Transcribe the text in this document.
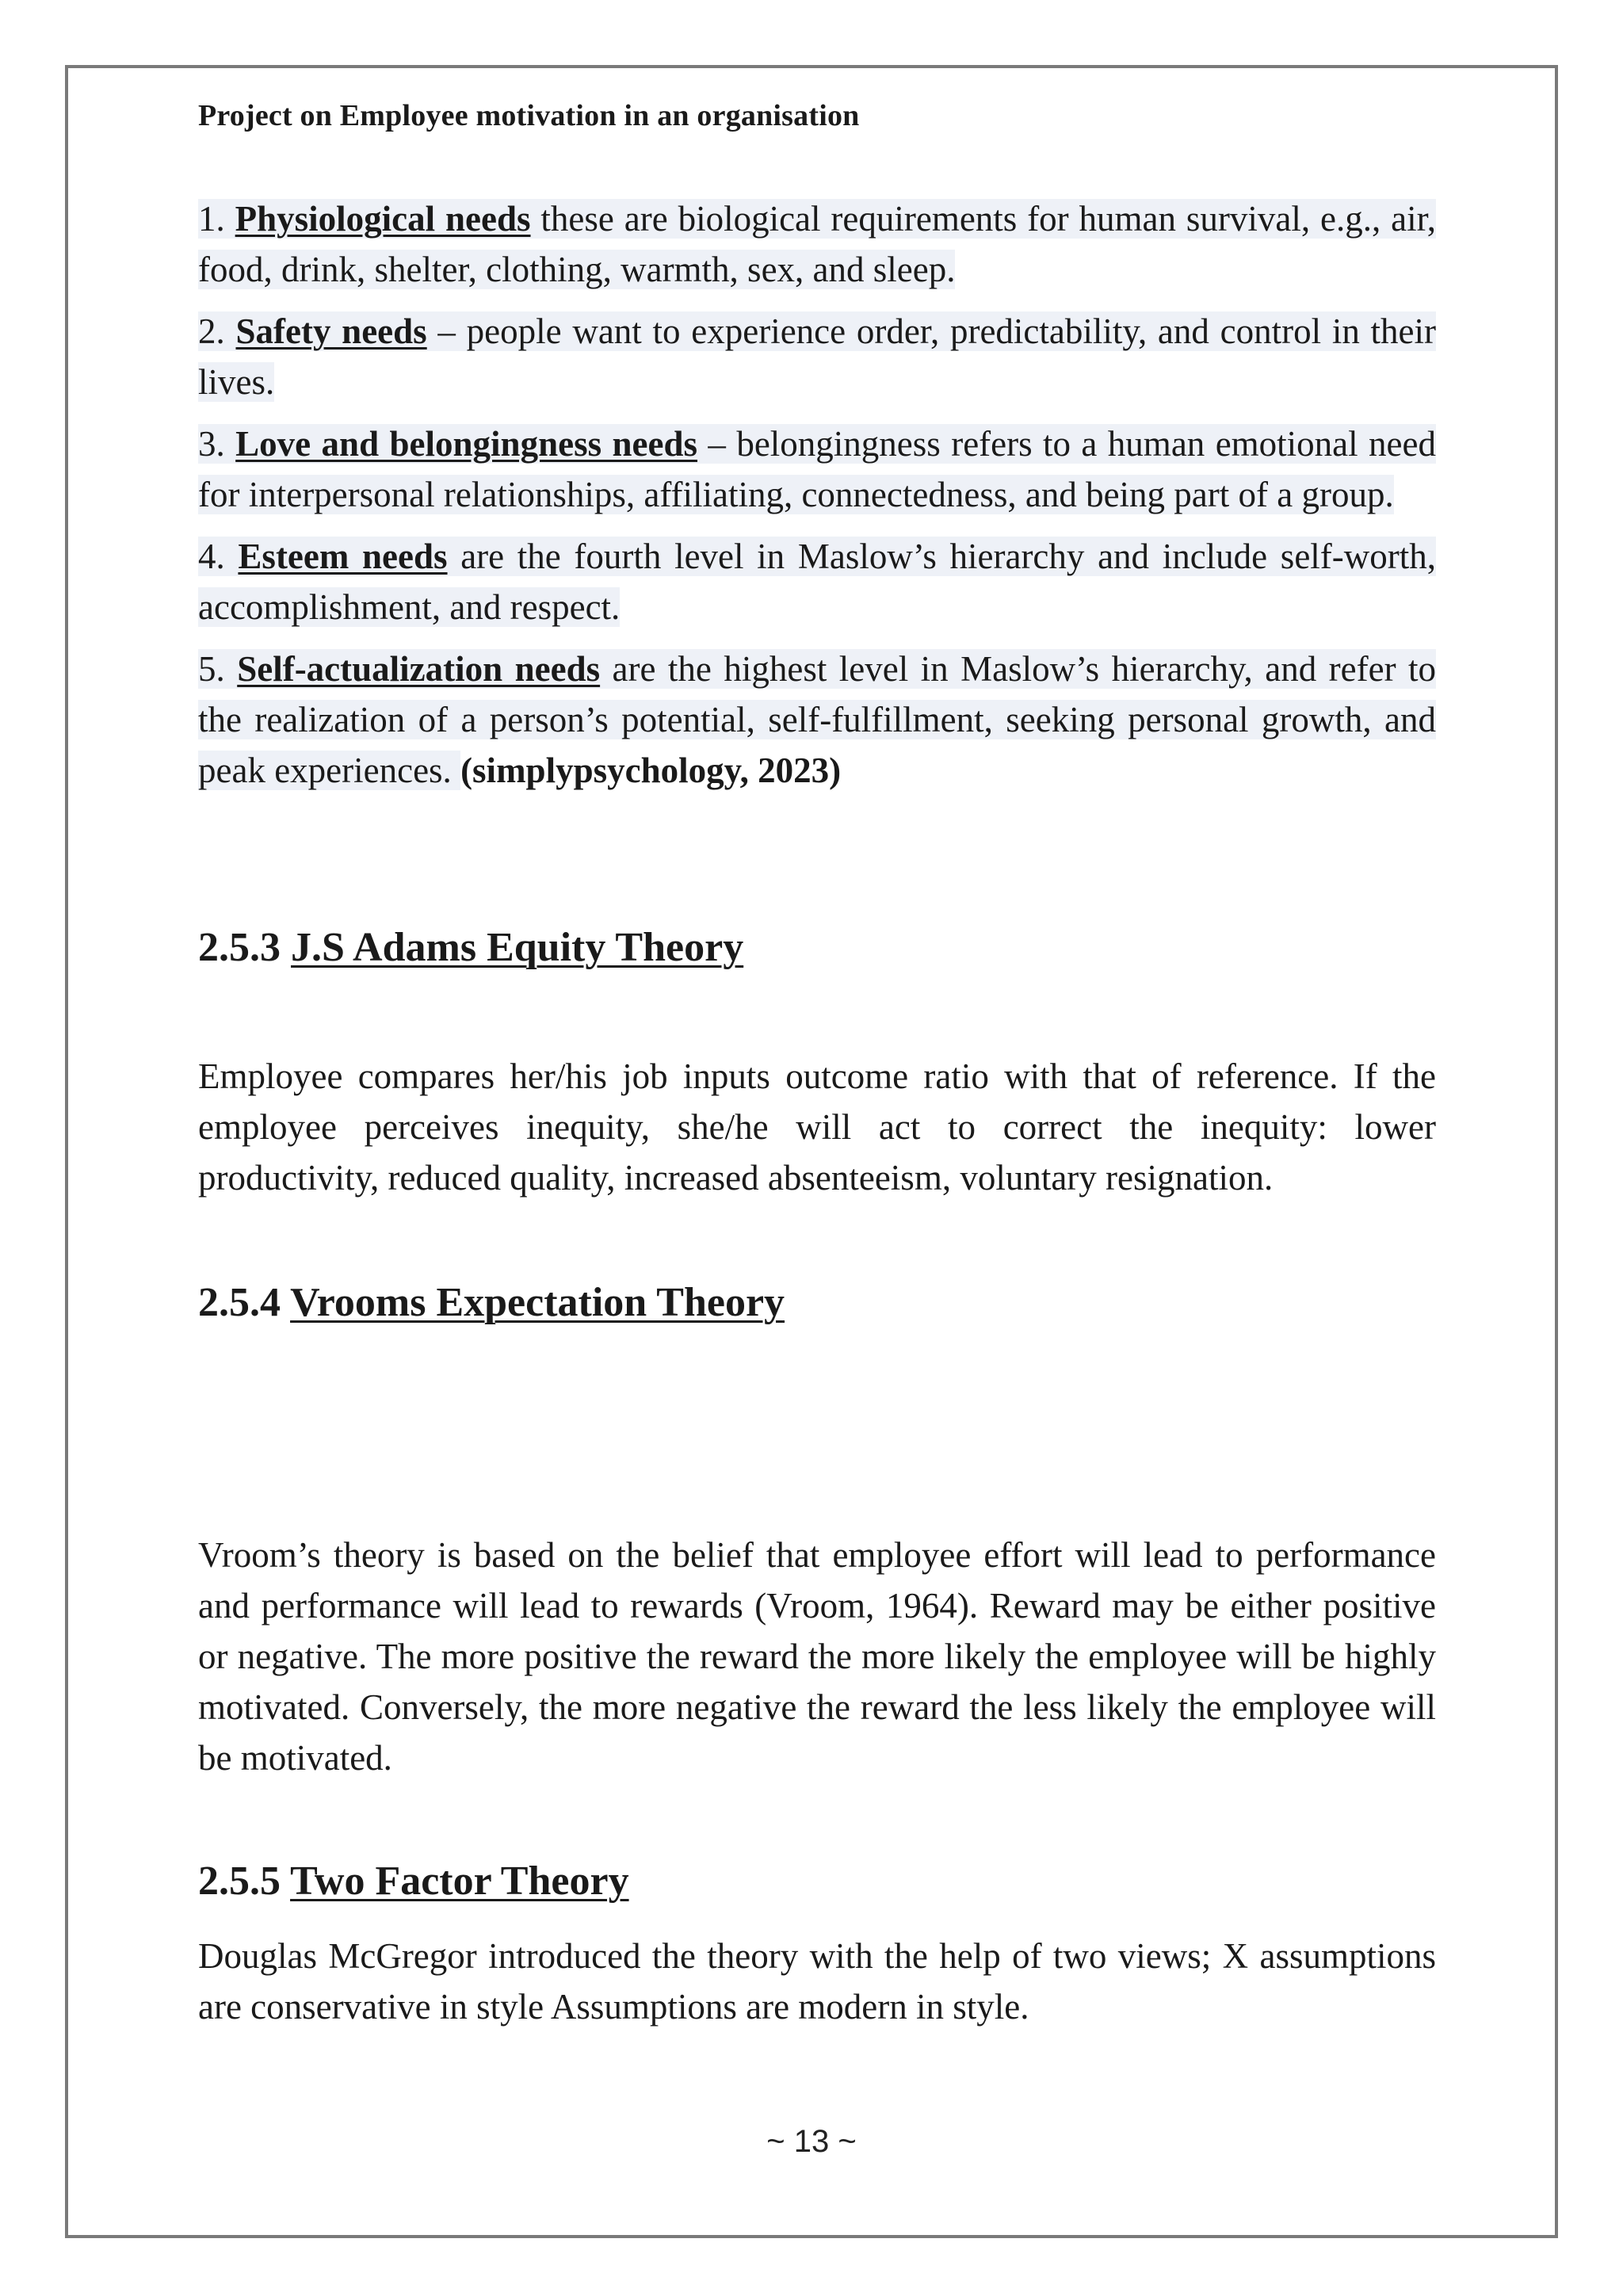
Project on Employee motivation in an organisation

1. Physiological needs these are biological requirements for human survival, e.g., air, food, drink, shelter, clothing, warmth, sex, and sleep.

2. Safety needs – people want to experience order, predictability, and control in their lives.

3. Love and belongingness needs – belongingness refers to a human emotional need for interpersonal relationships, affiliating, connectedness, and being part of a group.

4. Esteem needs are the fourth level in Maslow’s hierarchy and include self-worth, accomplishment, and respect.

5. Self-actualization needs are the highest level in Maslow’s hierarchy, and refer to the realization of a person’s potential, self-fulfillment, seeking personal growth, and peak experiences. (simplypsychology, 2023)

2.5.3 J.S Adams Equity Theory

Employee compares her/his job inputs outcome ratio with that of reference. If the employee perceives inequity, she/he will act to correct the inequity: lower productivity, reduced quality, increased absenteeism, voluntary resignation.

2.5.4 Vrooms Expectation Theory

Vroom’s theory is based on the belief that employee effort will lead to performance and performance will lead to rewards (Vroom, 1964). Reward may be either positive or negative. The more positive the reward the more likely the employee will be highly motivated. Conversely, the more negative the reward the less likely the employee will be motivated.

2.5.5 Two Factor Theory

Douglas McGregor introduced the theory with the help of two views; X assumptions are conservative in style Assumptions are modern in style.

~ 13 ~
